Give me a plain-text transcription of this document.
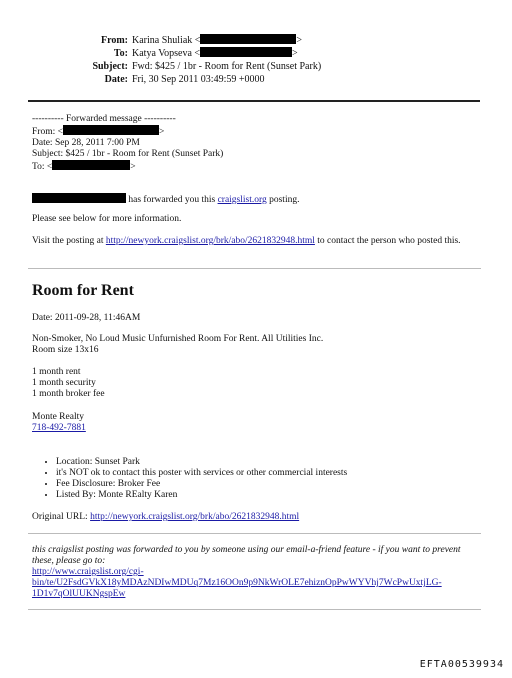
From: Karina Shuliak <	>
To: Katya Vopseva <	>
Subject: Fwd: $425 / 1br - Room for Rent (Sunset Park)
Date: Fri, 30 Sep 2011 03:49:59 +0000
---------- Forwarded message ----------
From: <	>
Date: Sep 28, 2011 7:00 PM
Subject: $425 / 1br - Room for Rent (Sunset Park)
To: <	>
has forwarded you this craigslist.org posting.
Please see below for more information.
Visit the posting at http://newyork.craigslist.org/brk/abo/2621832948.html to contact the person who posted this.
Room for Rent
Date: 2011-09-28, 11:46AM
Non-Smoker, No Loud Music Unfurnished Room For Rent. All Utilities Inc.
Room size 13x16
1 month rent
1 month security
1 month broker fee
Monte Realty
718-492-7881
• Location: Sunset Park
• it's NOT ok to contact this poster with services or other commercial interests
• Fee Disclosure: Broker Fee
• Listed By: Monte REalty Karen
Original URL: http://newyork.craigslist.org/brk/abo/2621832948.html
this craigslist posting was forwarded to you by someone using our email-a-friend feature - if you want to prevent these, please go to:
http://www.craigslist.org/cgi-
bin/te/U2FsdGVkX18yMDAzNDIwMDUq7Mz16OOn9p9NkWrOLE7ehiznOpPwWYVhj7WcPwUxtjLG-
1D1v7qOlUUKNgspEw
EFTA00539934
